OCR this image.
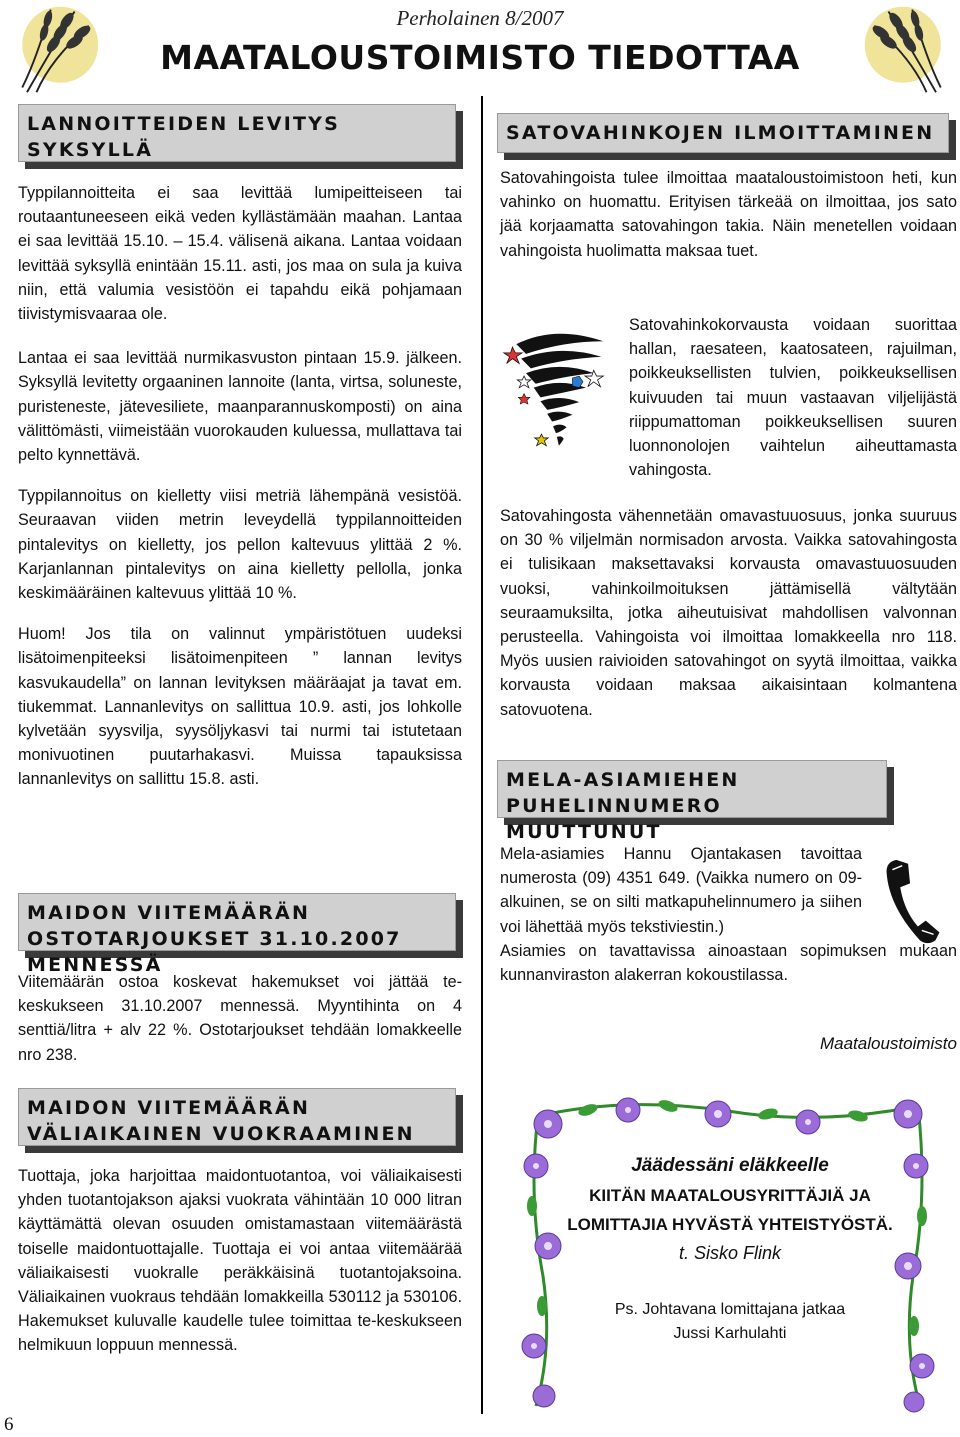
Perholainen 8/2007
MAATALOUSTOIMISTO TIEDOTTAA
LANNOITTEIDEN LEVITYS SYKSYLLÄ

Typpilannoitteita ei saa levittää lumipeitteiseen tai routaantuneeseen eikä veden kyllästämään maahan. Lantaa ei saa levittää 15.10. – 15.4. välisenä aikana. Lantaa voidaan levittää syksyllä enintään 15.11. asti, jos maa on sula ja kuiva niin, että valumia vesistöön ei tapahdu eikä pohjamaan tiivistymisvaaraa ole.

Lantaa ei saa levittää nurmikasvuston pintaan 15.9. jälkeen. Syksyllä levitetty orgaaninen lannoite (lanta, virtsa, soluneste, puristeneste, jätevesiliete, maanparannuskomposti) on aina välittömästi, viimeistään vuorokauden kuluessa, mullattava tai pelto kynnettävä.

Typpilannoitus on kielletty viisi metriä lähempänä vesistöä. Seuraavan viiden metrin leveydellä typpilannoitteiden pintalevitys on kielletty, jos pellon kaltevuus ylittää 2 %. Karjanlannan pintalevitys on aina kielletty pellolla, jonka keskimääräinen kaltevuus ylittää 10 %.

Huom! Jos tila on valinnut ympäristötuen uudeksi lisätoimenpiteeksi lisätoimenpiteen ” lannan levitys kasvukaudella” on lannan levityksen määräajat ja tavat em. tiukemmat. Lannanlevitys on sallittua 10.9. asti, jos lohkolle kylvetään syysvilja, syysöljykasvi tai nurmi tai istutetaan monivuotinen puutarhakasvi. Muissa tapauksissa lannanlevitys on sallittu 15.8. asti.

MAIDON VIITEMÄÄRÄN OSTOTARJOUKSET 31.10.2007 MENNESSÄ

Viitemäärän ostoa koskevat hakemukset voi jättää te-keskukseen 31.10.2007 mennessä. Myyntihinta on 4 senttiä/litra + alv 22 %. Ostotarjoukset tehdään lomakkeelle nro 238.

MAIDON VIITEMÄÄRÄN VÄLIAIKAINEN VUOKRAAMINEN

Tuottaja, joka harjoittaa maidontuotantoa, voi väliaikaisesti yhden tuotantojakson ajaksi vuokrata vähintään 10 000 litran käyttämättä olevan osuuden omistamastaan viitemäärästä toiselle maidontuottajalle. Tuottaja ei voi antaa viitemäärää väliaikaisesti vuokralle peräkkäisinä tuotantojaksoina. Väliaikainen vuokraus tehdään lomakkeilla 530112 ja 530106. Hakemukset kuluvalle kaudelle tulee toimittaa te-keskukseen helmikuun loppuun mennessä.

6
SATOVAHINKOJEN ILMOITTAMINEN

Satovahingoista tulee ilmoittaa maataloustoimistoon heti, kun vahinko on huomattu. Erityisen tärkeää on ilmoittaa, jos sato jää korjaamatta satovahingon takia. Näin menetellen voidaan vahingoista huolimatta maksaa tuet.

Satovahinkokorvausta voidaan suorittaa hallan, raesateen, kaatosateen, rajuilman, poikkeuksellisten tulvien, poikkeuksellisen kuivuuden tai muun vastaavan viljelijästä riippumattoman poikkeuksellisen suuren luonnonolojen vaihtelun aiheuttamasta vahingosta.

Satovahingosta vähennetään omavastuuosuus, jonka suuruus on 30 % viljelmän normisadon arvosta. Vaikka satovahingosta ei tulisikaan maksettavaksi korvausta omavastuuosuuden vuoksi, vahinkoilmoituksen jättämisellä vältytään seuraamuksilta, jotka aiheutuisivat mahdollisen valvonnan perusteella. Vahingoista voi ilmoittaa lomakkeella nro 118. Myös uusien raivioiden satovahingot on syytä ilmoittaa, vaikka korvausta voidaan maksaa aikaisintaan kolmantena satovuotena.

MELA-ASIAMIEHEN PUHELINNUMERO MUUTTUNUT

Mela-asiamies Hannu Ojantakasen tavoittaa numerosta (09) 4351 649. (Vaikka numero on 09-alkuinen, se on silti matkapuhelinnumero ja siihen voi lähettää myös tekstiviestin.)

Asiamies on tavattavissa ainoastaan sopimuksen mukaan kunnanviraston alakerran kokoustilassa.

Maataloustoimisto
Jäädessäni eläkkeelle
KIITÄN MAATALOUSYRITTÄJIÄ JA LOMITTAJIA HYVÄSTÄ YHTEISTYÖSTÄ.
t. Sisko Flink
Ps. Johtavana lomittajana jatkaa
Jussi Karhulahti
